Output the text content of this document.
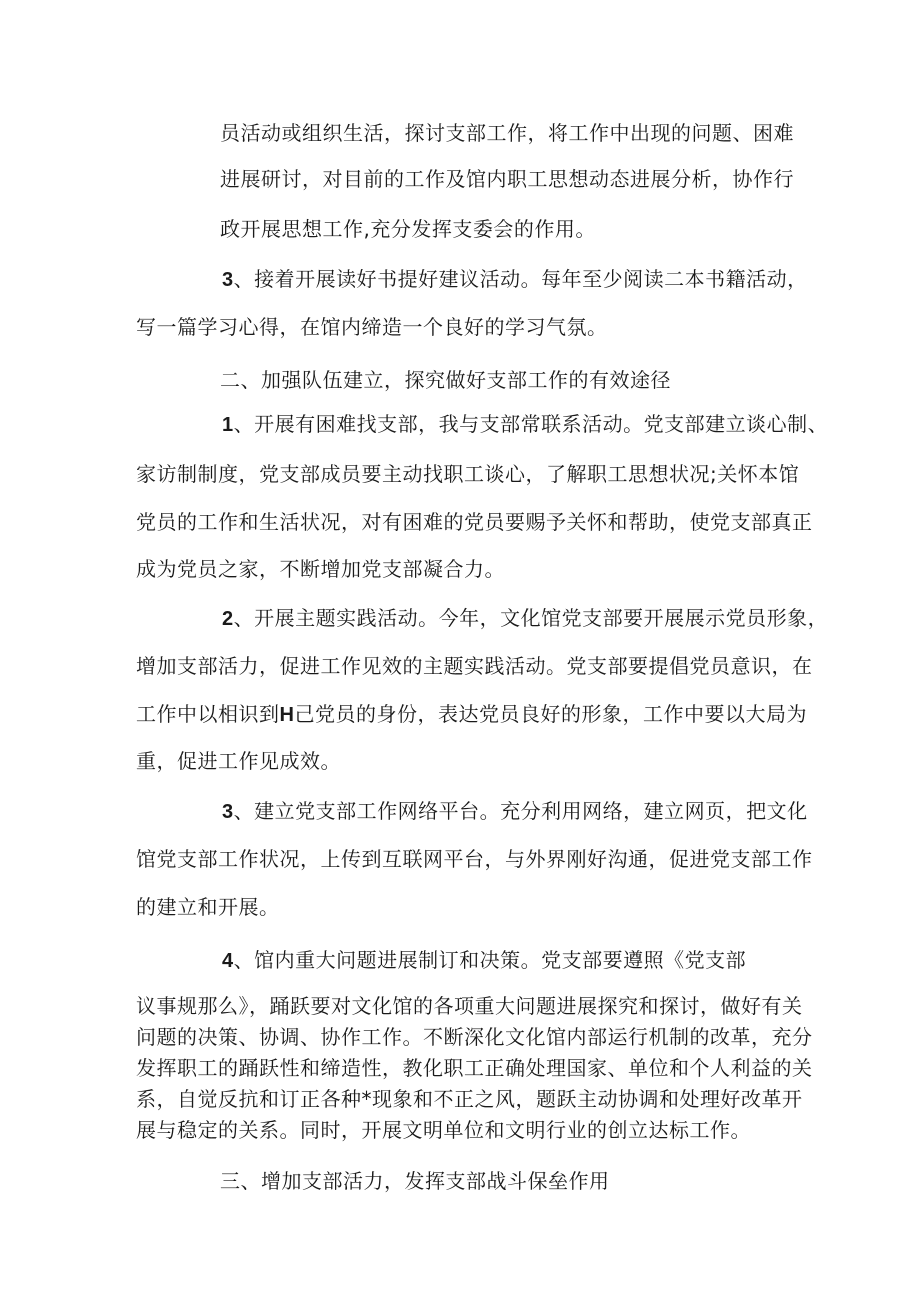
员活动或组织生活，探讨支部工作，将工作中出现的问题、困难
进展研讨，对目前的工作及馆内职工思想动态进展分析，协作行
政开展思想工作,充分发挥支委会的作用。
3、接着开展读好书提好建议活动。每年至少阅读二本书籍活动，
写一篇学习心得，在馆内缔造一个良好的学习气氛。
二、加强队伍建立，探究做好支部工作的有效途径
1、开展有困难找支部，我与支部常联系活动。党支部建立谈心制、
家访制制度，党支部成员要主动找职工谈心，了解职工思想状况;关怀本馆
党员的工作和生活状况，对有困难的党员要赐予关怀和帮助，使党支部真正
成为党员之家，不断增加党支部凝合力。
2、开展主题实践活动。今年，文化馆党支部要开展展示党员形象，
增加支部活力，促进工作见效的主题实践活动。党支部要提倡党员意识，在
工作中以相识到H己党员的身份，表达党员良好的形象，工作中要以大局为
重，促进工作见成效。
3、建立党支部工作网络平台。充分利用网络，建立网页，把文化
馆党支部工作状况，上传到互联网平台，与外界刚好沟通，促进党支部工作
的建立和开展。
4、馆内重大问题进展制订和决策。党支部要遵照《党支部
议事规那么》，踊跃要对文化馆的各项重大问题进展探究和探讨，做好有关
问题的决策、协调、协作工作。不断深化文化馆内部运行机制的改革，充分
发挥职工的踊跃性和缔造性，教化职工正确处理国家、单位和个人利益的关
系，自觉反抗和订正各种*现象和不正之风，题跃主动协调和处理好改革开
展与稳定的关系。同时，开展文明单位和文明行业的创立达标工作。
三、增加支部活力，发挥支部战斗保垒作用
